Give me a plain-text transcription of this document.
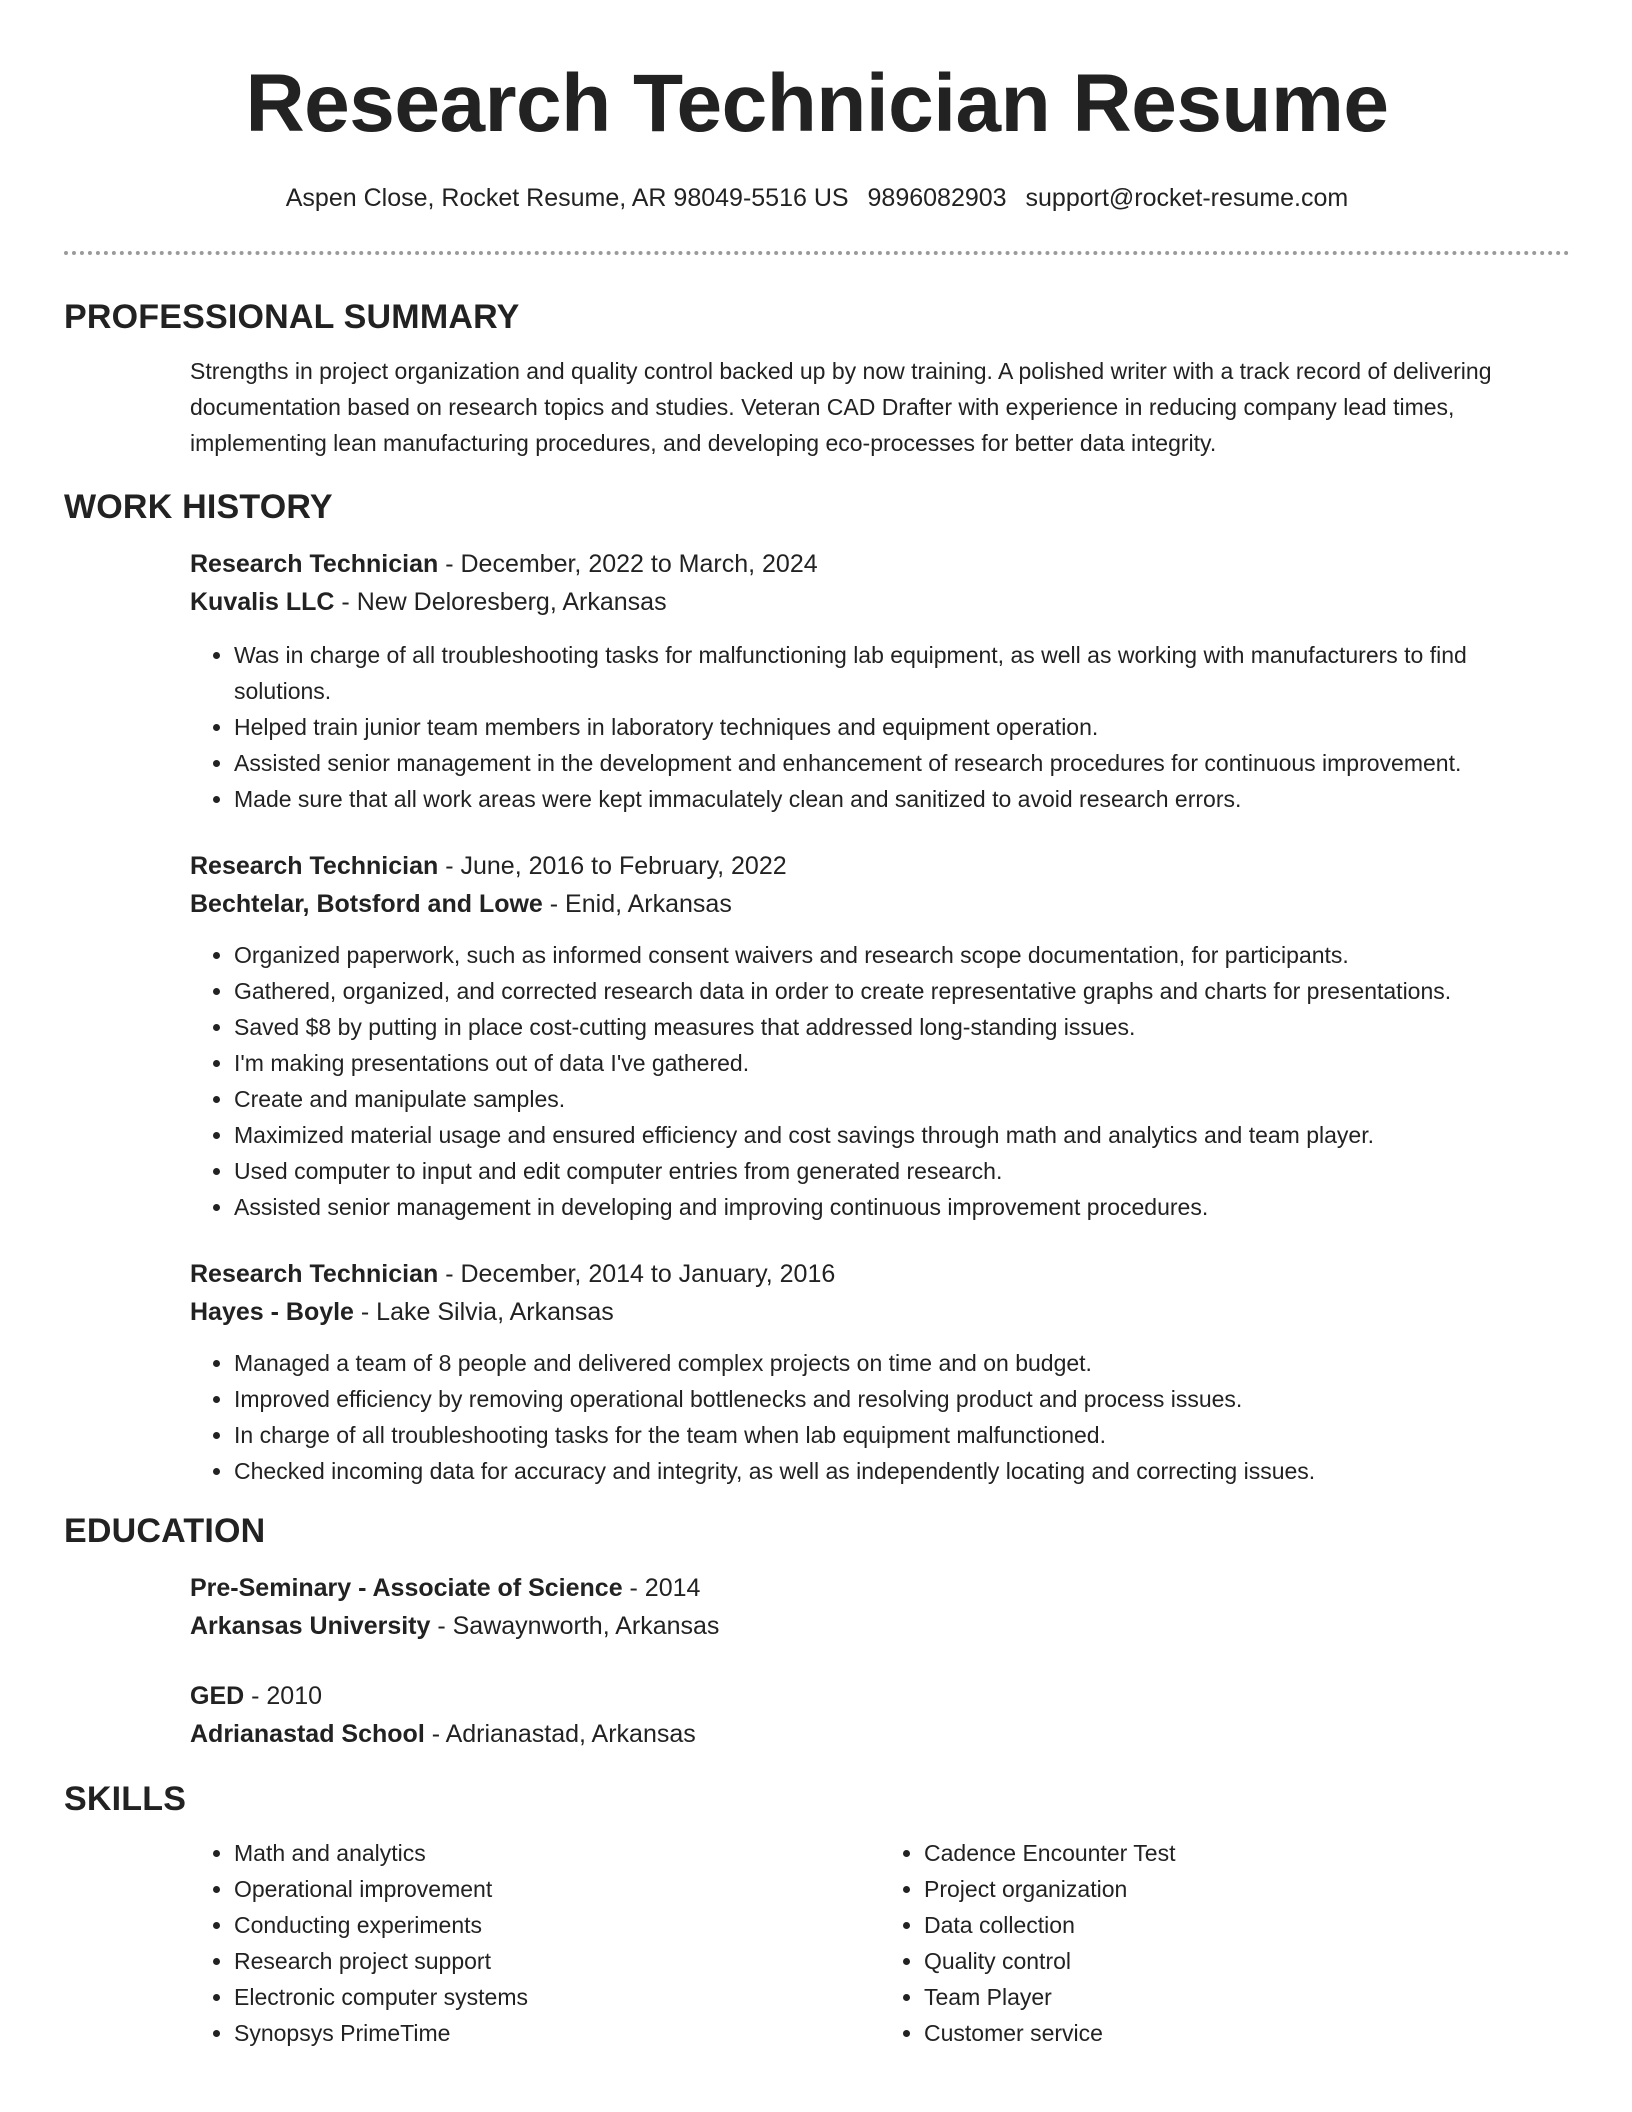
Research Technician Resume
Aspen Close, Rocket Resume, AR 98049-5516 US 9896082903 support@rocket-resume.com
PROFESSIONAL SUMMARY

Strengths in project organization and quality control backed up by now training. A polished writer with a track record of delivering documentation based on research topics and studies. Veteran CAD Drafter with experience in reducing company lead times, implementing lean manufacturing procedures, and developing eco-processes for better data integrity.

WORK HISTORY
Research Technician - December, 2022 to March, 2024
Kuvalis LLC - New Deloresberg, Arkansas
• Was in charge of all troubleshooting tasks for malfunctioning lab equipment, as well as working with manufacturers to find solutions.
• Helped train junior team members in laboratory techniques and equipment operation.
• Assisted senior management in the development and enhancement of research procedures for continuous improvement.
• Made sure that all work areas were kept immaculately clean and sanitized to avoid research errors.
Research Technician - June, 2016 to February, 2022
Bechtelar, Botsford and Lowe - Enid, Arkansas
• Organized paperwork, such as informed consent waivers and research scope documentation, for participants.
• Gathered, organized, and corrected research data in order to create representative graphs and charts for presentations.
• Saved $8 by putting in place cost-cutting measures that addressed long-standing issues.
• I'm making presentations out of data I've gathered.
• Create and manipulate samples.
• Maximized material usage and ensured efficiency and cost savings through math and analytics and team player.
• Used computer to input and edit computer entries from generated research.
• Assisted senior management in developing and improving continuous improvement procedures.
Research Technician - December, 2014 to January, 2016
Hayes - Boyle - Lake Silvia, Arkansas
• Managed a team of 8 people and delivered complex projects on time and on budget.
• Improved efficiency by removing operational bottlenecks and resolving product and process issues.
• In charge of all troubleshooting tasks for the team when lab equipment malfunctioned.
• Checked incoming data for accuracy and integrity, as well as independently locating and correcting issues.
EDUCATION
Pre-Seminary - Associate of Science - 2014
Arkansas University - Sawaynworth, Arkansas
GED - 2010
Adrianastad School - Adrianastad, Arkansas
SKILLS
• Math and analytics
• Operational improvement
• Conducting experiments
• Research project support
• Electronic computer systems
• Synopsys PrimeTime
• Cadence Encounter Test
• Project organization
• Data collection
• Quality control
• Team Player
• Customer service
